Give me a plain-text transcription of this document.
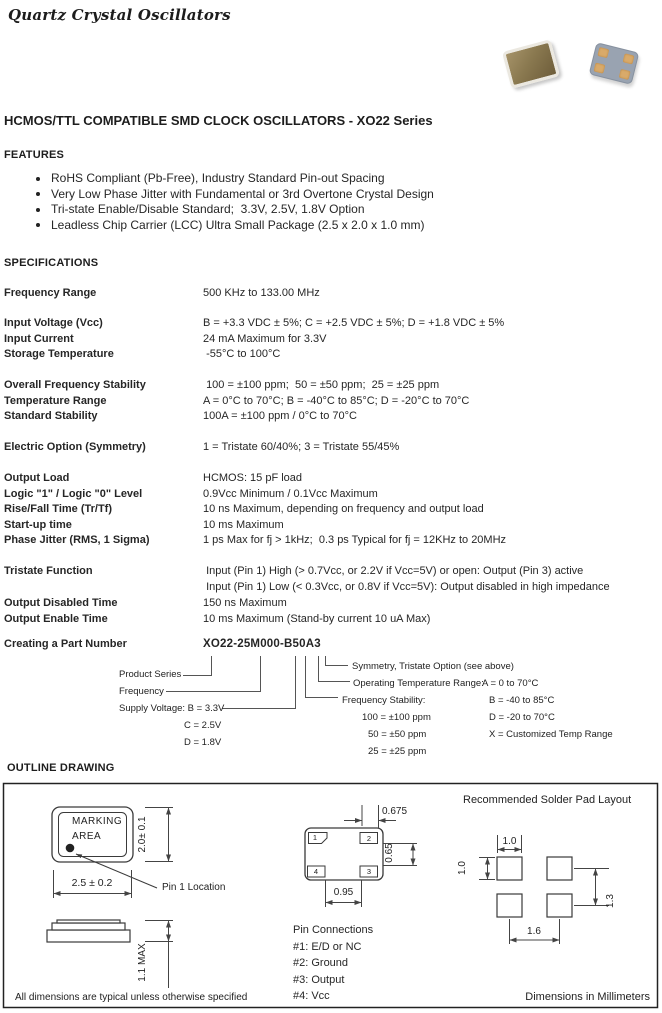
Quartz Crystal Oscillators
HCMOS/TTL COMPATIBLE SMD CLOCK OSCILLATORS - XO22 Series
FEATURES
RoHS Compliant (Pb-Free), Industry Standard Pin-out Spacing
Very Low Phase Jitter with Fundamental or 3rd Overtone Crystal Design
Tri-state Enable/Disable Standard;  3.3V, 2.5V, 1.8V Option
Leadless Chip Carrier (LCC) Ultra Small Package (2.5 x 2.0 x 1.0 mm)
SPECIFICATIONS
Frequency Range	500 KHz to 133.00 MHz
Input Voltage (Vcc)	B = +3.3 VDC ± 5%; C = +2.5 VDC ± 5%; D = +1.8 VDC ± 5%
Input Current	24 mA Maximum for 3.3V
Storage Temperature	-55°C to 100°C
Overall Frequency Stability	100 = ±100 ppm;  50 = ±50 ppm;  25 = ±25 ppm
Temperature Range	A = 0°C to 70°C; B = -40°C to 85°C; D = -20°C to 70°C
Standard Stability	100A = ±100 ppm / 0°C to 70°C
Electric Option (Symmetry)	1 = Tristate 60/40%; 3 = Tristate 55/45%
Output Load	HCMOS: 15 pF load
Logic "1" / Logic "0" Level	0.9Vcc Minimum / 0.1Vcc Maximum
Rise/Fall Time (Tr/Tf)	10 ns Maximum, depending on frequency and output load
Start-up time	10 ms Maximum
Phase Jitter (RMS, 1 Sigma)	1 ps Max for fj > 1kHz;  0.3 ps Typical for fj = 12KHz to 20MHz
Tristate Function	Input (Pin 1) High (> 0.7Vcc, or 2.2V if Vcc=5V) or open: Output (Pin 3) active
Input (Pin 1) Low (< 0.3Vcc, or 0.8V if Vcc=5V): Output disabled in high impedance
Output Disabled Time	150 ns Maximum
Output Enable Time	10 ms Maximum (Stand-by current 10 uA Max)
Creating a Part Number	XO22-25M000-B50A3
Product Series
Frequency
Supply Voltage: B = 3.3V
C = 2.5V
D = 1.8V
Symmetry, Tristate Option (see above)
Operating Temperature Range:
A = 0 to 70°C
B = -40 to 85°C
D = -20 to 70°C
X = Customized Temp Range
Frequency Stability:
100 = ±100 ppm
50 = ±50 ppm
25 = ±25 ppm
OUTLINE DRAWING
MARKING
AREA	2.0± 0.1
2.5 ± 0.2	Pin 1 Location
1.1 MAX
0.675
0.65
0.95
1	2
4	3
Recommended Solder Pad Layout
1.0
1.0
1.3
1.6
Pin Connections
#1: E/D or NC
#2: Ground
#3: Output
#4: Vcc
All dimensions are typical unless otherwise specified	Dimensions in Millimeters
